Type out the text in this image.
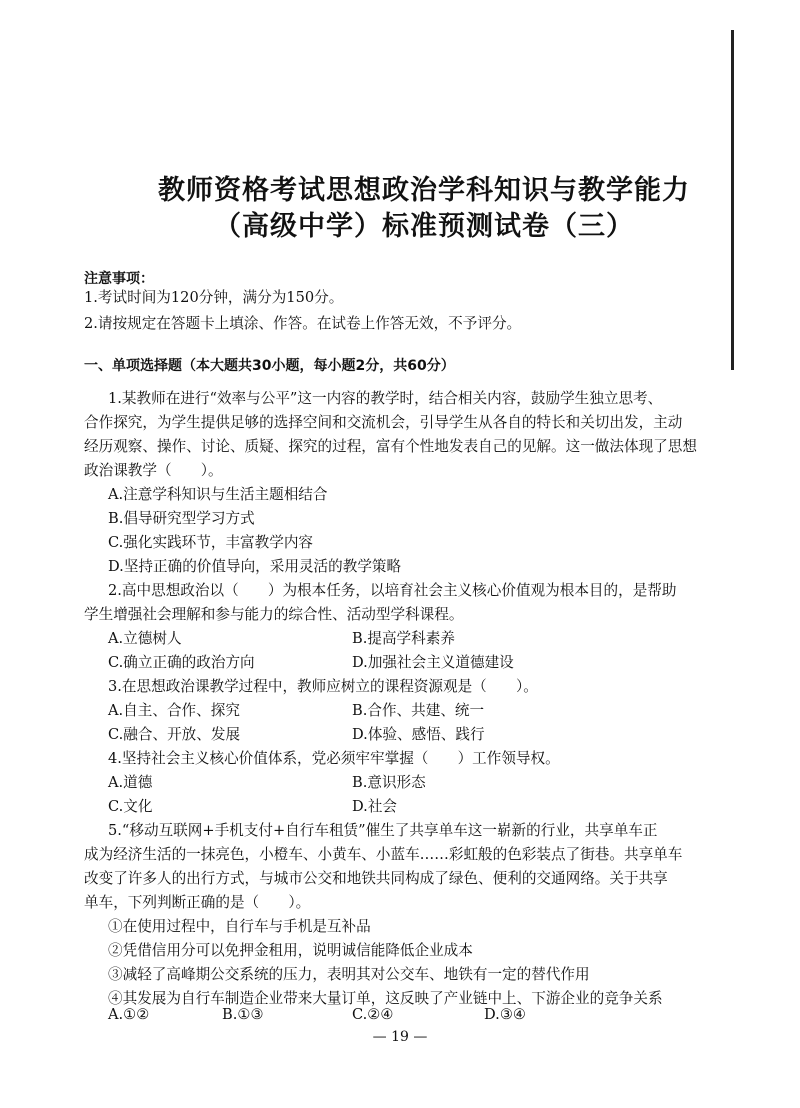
教师资格考试思想政治学科知识与教学能力
（高级中学）标准预测试卷（三）
注意事项：
1.考试时间为120分钟，满分为150分。
2.请按规定在答题卡上填涂、作答。在试卷上作答无效，不予评分。
一、单项选择题（本大题共30小题，每小题2分，共60分）
1.某教师在进行“效率与公平”这一内容的教学时，结合相关内容，鼓励学生独立思考、
合作探究，为学生提供足够的选择空间和交流机会，引导学生从各自的特长和关切出发，主动
经历观察、操作、讨论、质疑、探究的过程，富有个性地发表自己的见解。这一做法体现了思想
政治课教学（　　）。
A.注意学科知识与生活主题相结合
B.倡导研究型学习方式
C.强化实践环节，丰富教学内容
D.坚持正确的价值导向，采用灵活的教学策略
2.高中思想政治以（　　）为根本任务，以培育社会主义核心价值观为根本目的，是帮助
学生增强社会理解和参与能力的综合性、活动型学科课程。
A.立德树人	B.提高学科素养
C.确立正确的政治方向	D.加强社会主义道德建设
3.在思想政治课教学过程中，教师应树立的课程资源观是（　　）。
A.自主、合作、探究	B.合作、共建、统一
C.融合、开放、发展	D.体验、感悟、践行
4.坚持社会主义核心价值体系，党必须牢牢掌握（　　）工作领导权。
A.道德	B.意识形态
C.文化	D.社会
5.“移动互联网+手机支付+自行车租赁”催生了共享单车这一崭新的行业，共享单车正
成为经济生活的一抹亮色，小橙车、小黄车、小蓝车……彩虹般的色彩装点了街巷。共享单车
改变了许多人的出行方式，与城市公交和地铁共同构成了绿色、便利的交通网络。关于共享
单车，下列判断正确的是（　　）。
①在使用过程中，自行车与手机是互补品
②凭借信用分可以免押金租用，说明诚信能降低企业成本
③减轻了高峰期公交系统的压力，表明其对公交车、地铁有一定的替代作用
④其发展为自行车制造企业带来大量订单，这反映了产业链中上、下游企业的竞争关系
A.①②	B.①③	C.②④	D.③④
— 19 —
